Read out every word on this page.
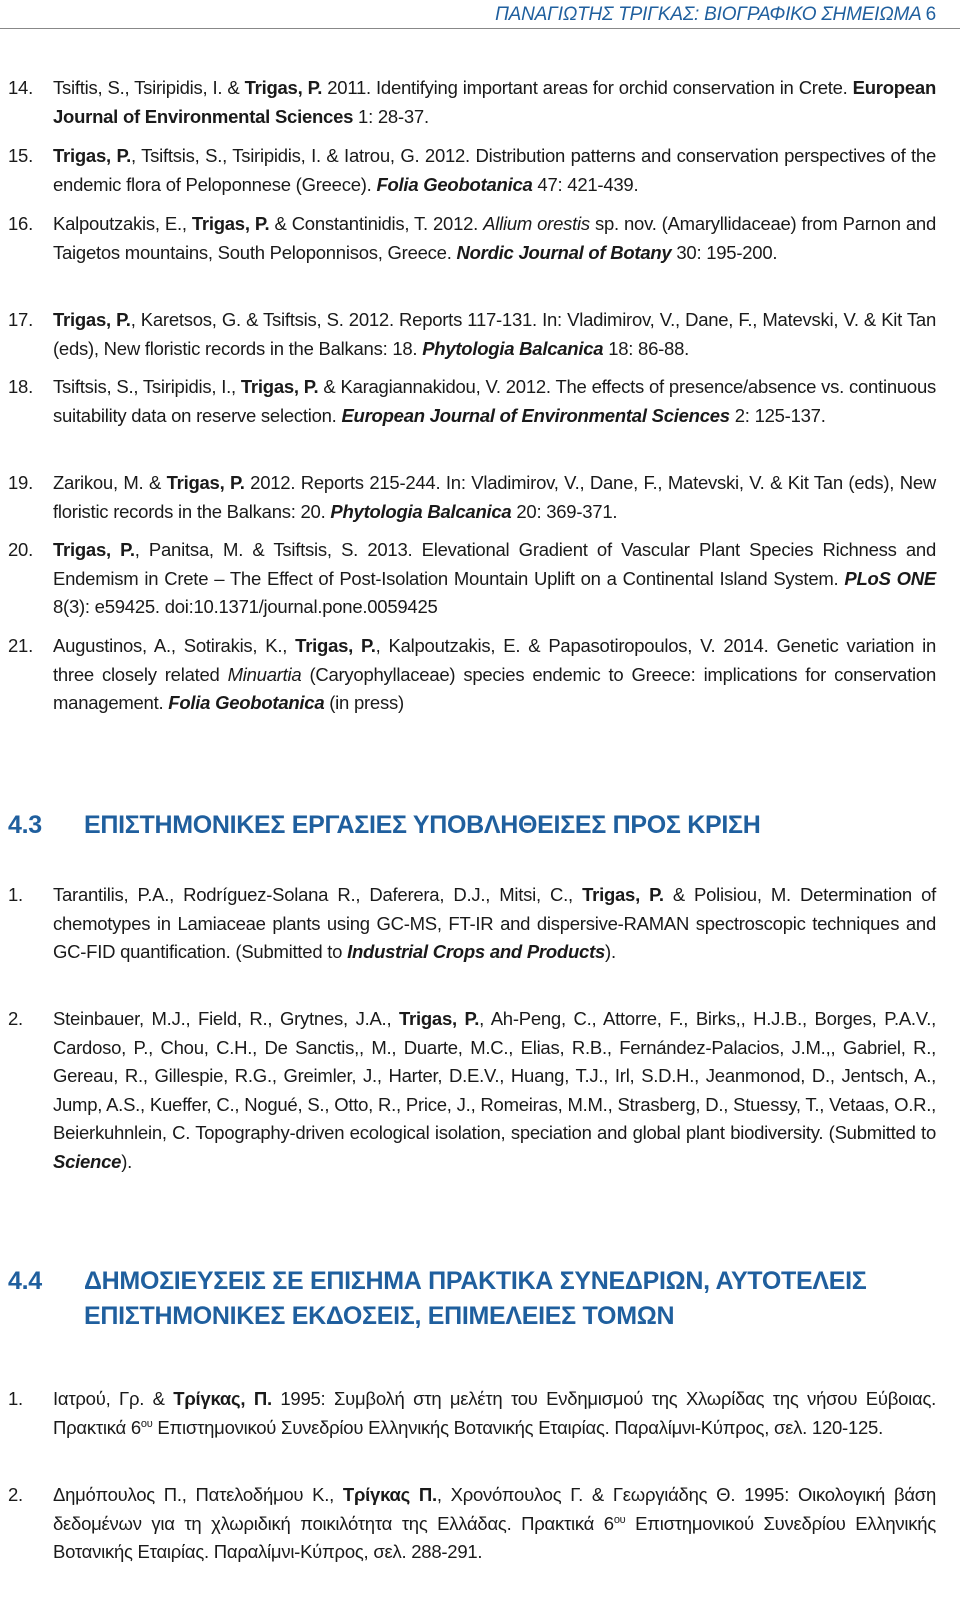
ΠΑΝΑΓΙΩΤΗΣ ΤΡΙΓΚΑΣ: ΒΙΟΓΡΑΦΙΚΟ ΣΗΜΕΙΩΜΑ 6
14. Tsiftis, S., Tsiripidis, I. & Trigas, P. 2011. Identifying important areas for orchid conservation in Crete. European Journal of Environmental Sciences 1: 28-37.
15. Trigas, P., Tsiftsis, S., Tsiripidis, I. & Iatrou, G. 2012. Distribution patterns and conservation perspectives of the endemic flora of Peloponnese (Greece). Folia Geobotanica 47: 421-439.
16. Kalpoutzakis, E., Trigas, P. & Constantinidis, T. 2012. Allium orestis sp. nov. (Amaryllidaceae) from Parnon and Taigetos mountains, South Peloponnisos, Greece. Nordic Journal of Botany 30: 195-200.
17. Trigas, P., Karetsos, G. & Tsiftsis, S. 2012. Reports 117-131. In: Vladimirov, V., Dane, F., Matevski, V. & Kit Tan (eds), New floristic records in the Balkans: 18. Phytologia Balcanica 18: 86-88.
18. Tsiftsis, S., Tsiripidis, I., Trigas, P. & Karagiannakidou, V. 2012. The effects of presence/absence vs. continuous suitability data on reserve selection. European Journal of Environmental Sciences 2: 125-137.
19. Zarikou, M. & Trigas, P. 2012. Reports 215-244. In: Vladimirov, V., Dane, F., Matevski, V. & Kit Tan (eds), New floristic records in the Balkans: 20. Phytologia Balcanica 20: 369-371.
20. Trigas, P., Panitsa, M. & Tsiftsis, S. 2013. Elevational Gradient of Vascular Plant Species Richness and Endemism in Crete – The Effect of Post-Isolation Mountain Uplift on a Continental Island System. PLoS ONE 8(3): e59425. doi:10.1371/journal.pone.0059425
21. Augustinos, A., Sotirakis, K., Trigas, P., Kalpoutzakis, E. & Papasotiropoulos, V. 2014. Genetic variation in three closely related Minuartia (Caryophyllaceae) species endemic to Greece: implications for conservation management. Folia Geobotanica (in press)
4.3 ΕΠΙΣΤΗΜΟΝΙΚΕΣ ΕΡΓΑΣΙΕΣ ΥΠΟΒΛΗΘΕΙΣΕΣ ΠΡΟΣ ΚΡΙΣΗ
1. Tarantilis, P.A., Rodríguez-Solana R., Daferera, D.J., Mitsi, C., Trigas, P. & Polisiou, M. Determination of chemotypes in Lamiaceae plants using GC-MS, FT-IR and dispersive-RAMAN spectroscopic techniques and GC-FID quantification. (Submitted to Industrial Crops and Products).
2. Steinbauer, M.J., Field, R., Grytnes, J.A., Trigas, P., Ah-Peng, C., Attorre, F., Birks,, H.J.B., Borges, P.A.V., Cardoso, P., Chou, C.H., De Sanctis,, M., Duarte, M.C., Elias, R.B., Fernández-Palacios, J.M.,, Gabriel, R., Gereau, R., Gillespie, R.G., Greimler, J., Harter, D.E.V., Huang, T.J., Irl, S.D.H., Jeanmonod, D., Jentsch, A., Jump, A.S., Kueffer, C., Nogué, S., Otto, R., Price, J., Romeiras, M.M., Strasberg, D., Stuessy, T., Vetaas, O.R., Beierkuhnlein, C. Topography-driven ecological isolation, speciation and global plant biodiversity. (Submitted to Science).
4.4 ΔΗΜΟΣΙΕΥΣΕΙΣ ΣΕ ΕΠΙΣΗΜΑ ΠΡΑΚΤΙΚΑ ΣΥΝΕΔΡΙΩΝ, ΑΥΤΟΤΕΛΕΙΣ ΕΠΙΣΤΗΜΟΝΙΚΕΣ ΕΚΔΟΣΕΙΣ, ΕΠΙΜΕΛΕΙΕΣ ΤΟΜΩΝ
1. Ιατρού, Γρ. & Τρίγκας, Π. 1995: Συμβολή στη μελέτη του Ενδημισμού της Χλωρίδας της νήσου Εύβοιας. Πρακτικά $6^{o\upsilon}$ Επιστημονικού Συνεδρίου Ελληνικής Βοτανικής Εταιρίας. Παραλίμνι-Κύπρος, σελ. 120-125.
2. Δημόπουλος Π., Πατελοδήμου Κ., Τρίγκας Π., Χρονόπουλος Γ. & Γεωργιάδης Θ. 1995: Οικολογική βάση δεδομένων για τη χλωριδική ποικιλότητα της Ελλάδας. Πρακτικά $6^{o\upsilon}$ Επιστημονικού Συνεδρίου Ελληνικής Βοτανικής Εταιρίας. Παραλίμνι-Κύπρος, σελ. 288-291.
